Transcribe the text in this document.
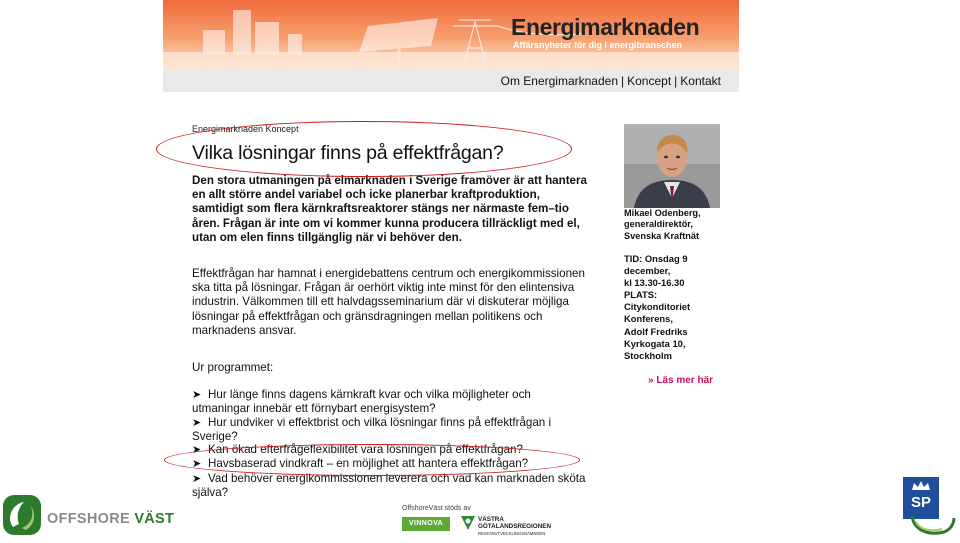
Energimarknaden
Affärsnyheter för dig i energibranschen
Om Energimarknaden | Koncept | Kontakt
Energimarknaden Koncept
Vilka lösningar finns på effektfrågan?
Den stora utmaningen på elmarknaden i Sverige framöver är att hantera en allt större andel variabel och icke planerbar kraftproduktion, samtidigt som flera kärnkraftsreaktorer stängs ner närmaste fem–tio åren. Frågan är inte om vi kommer kunna producera tillräckligt med el, utan om elen finns tillgänglig när vi behöver den.
Effektfrågan har hamnat i energidebattens centrum och energikommissionen ska titta på lösningar. Frågan är oerhört viktig inte minst för den elintensiva industrin. Välkommen till ett halvdagsseminarium där vi diskuterar möjliga lösningar på effektfrågan och gränsdragningen mellan politikens och marknadens ansvar.
Ur programmet:
➤ Hur länge finns dagens kärnkraft kvar och vilka möjligheter och utmaningar innebär ett förnybart energisystem?
➤ Hur undviker vi effektbrist och vilka lösningar finns på effektfrågan i Sverige?
➤ Kan ökad efterfrågeflexibilitet vara lösningen på effektfrågan?
➤ Havsbaserad vindkraft – en möjlighet att hantera effektfrågan?
➤ Vad behöver energikommissionen leverera och vad kan marknaden sköta själva?
Mikael Odenberg,
generaldirektör,
Svenska Kraftnät
TID: Onsdag 9
december,
kl 13.30-16.30
PLATS:
Citykonditoriet
Konferens,
Adolf Fredriks
Kyrkogata 10,
Stockholm
» Läs mer här
OFFSHORE VÄST
OffshoreVäst stöds av
VINNOVA
VÄSTRA
GÖTALANDSREGIONEN
REGIONUTVECKLINGSNÄMNDEN
SP
